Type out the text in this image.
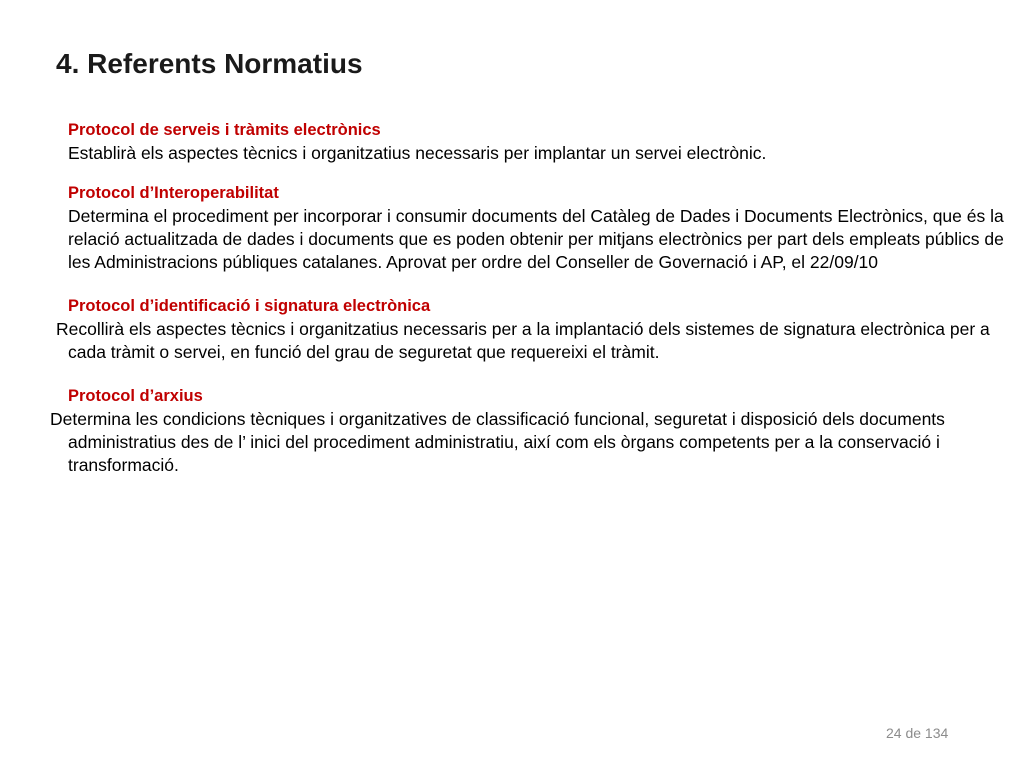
4. Referents Normatius

Protocol de serveis i tràmits electrònics

Establirà els aspectes tècnics i organitzatius necessaris per implantar un servei electrònic.

Protocol d’Interoperabilitat

Determina el procediment per incorporar i consumir documents del Catàleg de Dades i Documents Electrònics, que és la relació actualitzada de dades i documents que es poden obtenir per mitjans electrònics per part dels empleats públics de les Administracions públiques catalanes. Aprovat per ordre del Conseller de Governació i AP, el 22/09/10

Protocol d’identificació i signatura electrònica

Recollirà els aspectes tècnics i organitzatius necessaris per a la implantació dels sistemes de signatura electrònica per a cada tràmit o servei, en funció del grau de seguretat que requereixi el tràmit.

Protocol d’arxius

Determina les condicions tècniques i organitzatives de classificació funcional, seguretat i disposició dels documents administratius des de l’ inici del procediment administratiu, així com els òrgans competents per a la conservació i transformació.

24 de 134
